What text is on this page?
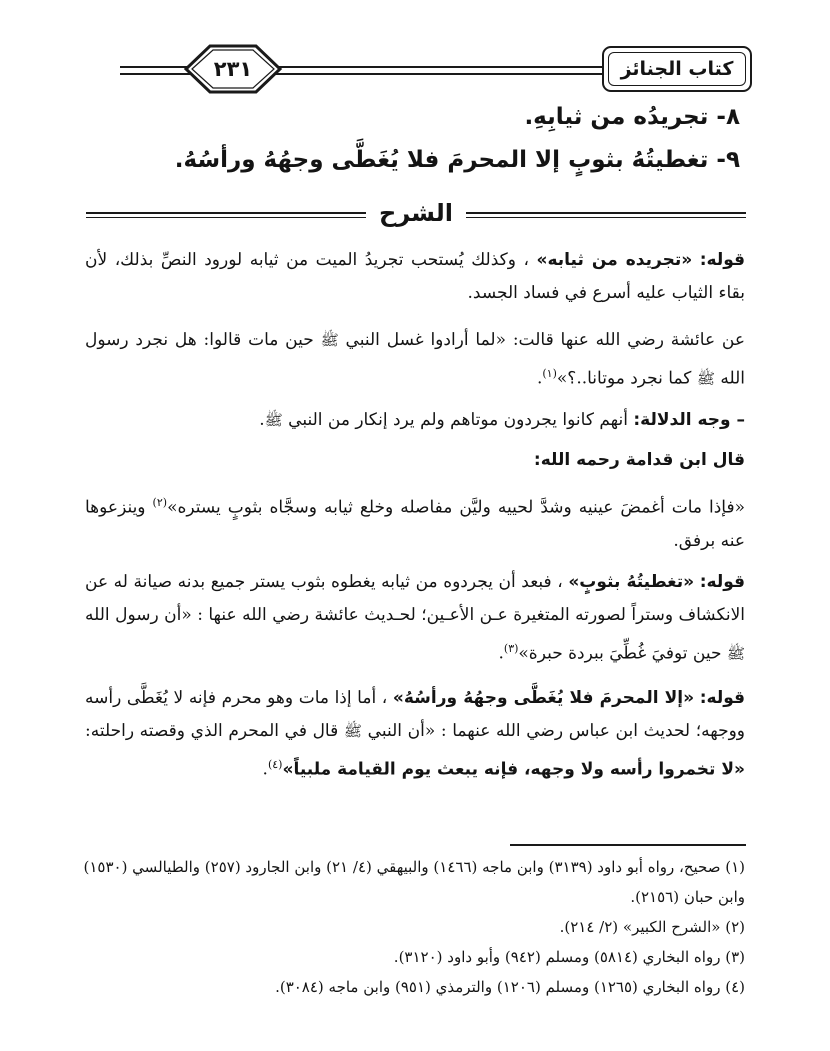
٢٣١	كتاب الجنائز
٨- تجريدُه من ثيابِهِ.
٩- تغطيتُهُ بثوبٍ إلا المحرمَ فلا يُغَطَّى وجهُهُ ورأسُهُ.
الشرح
قوله: «تجريده من ثيابه» ، وكذلك يُستحب تجريدُ الميت من ثيابه لورود النصِّ بذلك، لأن بقاء الثياب عليه أسرع في فساد الجسد.
عن عائشة رضي الله عنها قالت: «لما أرادوا غسل النبي ﷺ حين مات قالوا: هل نجرد رسول الله ﷺ كما نجرد موتانا..؟»$^{(١)}$.
– وجه الدلالة: أنهم كانوا يجردون موتاهم ولم يرد إنكار من النبي ﷺ.
قال ابن قدامة رحمه الله:
«فإذا مات أغمضَ عينيه وشدَّ لحييه وليَّن مفاصله وخلع ثيابه وسجَّاه بثوبٍ يستره»$^{(٢)}$ وينزعوها عنه برفق.
قوله: «تغطيتُهُ بثوبٍ» ، فبعد أن يجردوه من ثيابه يغطوه بثوب يستر جميع بدنه صيانة له عن الانكشاف وستراً لصورته المتغيرة عـن الأعـين؛ لحـديث عائشة رضي الله عنها : «أن رسول الله ﷺ حين توفيَ غُطِّيَ ببردة حبرة»$^{(٣)}$.
قوله: «إلا المحرمَ فلا يُغَطَّى وجهُهُ ورأسُهُ» ، أما إذا مات وهو محرم فإنه لا يُغَطَّى رأسه ووجهه؛ لحديث ابن عباس رضي الله عنهما : «أن النبي ﷺ قال في المحرم الذي وقصته راحلته: «لا تخمروا رأسه ولا وجهه، فإنه يبعث يوم القيامة ملبياً»$^{(٤)}$.
(١) صحيح، رواه أبو داود (٣١٣٩) وابن ماجه (١٤٦٦) والبيهقي (٤/ ٢١) وابن الجارود (٢٥٧) والطيالسي (١٥٣٠) وابن حبان (٢١٥٦).
(٢) «الشرح الكبير» (٢/ ٢١٤).
(٣) رواه البخاري (٥٨١٤) ومسلم (٩٤٢) وأبو داود (٣١٢٠).
(٤) رواه البخاري (١٢٦٥) ومسلم (١٢٠٦) والترمذي (٩٥١) وابن ماجه (٣٠٨٤).
